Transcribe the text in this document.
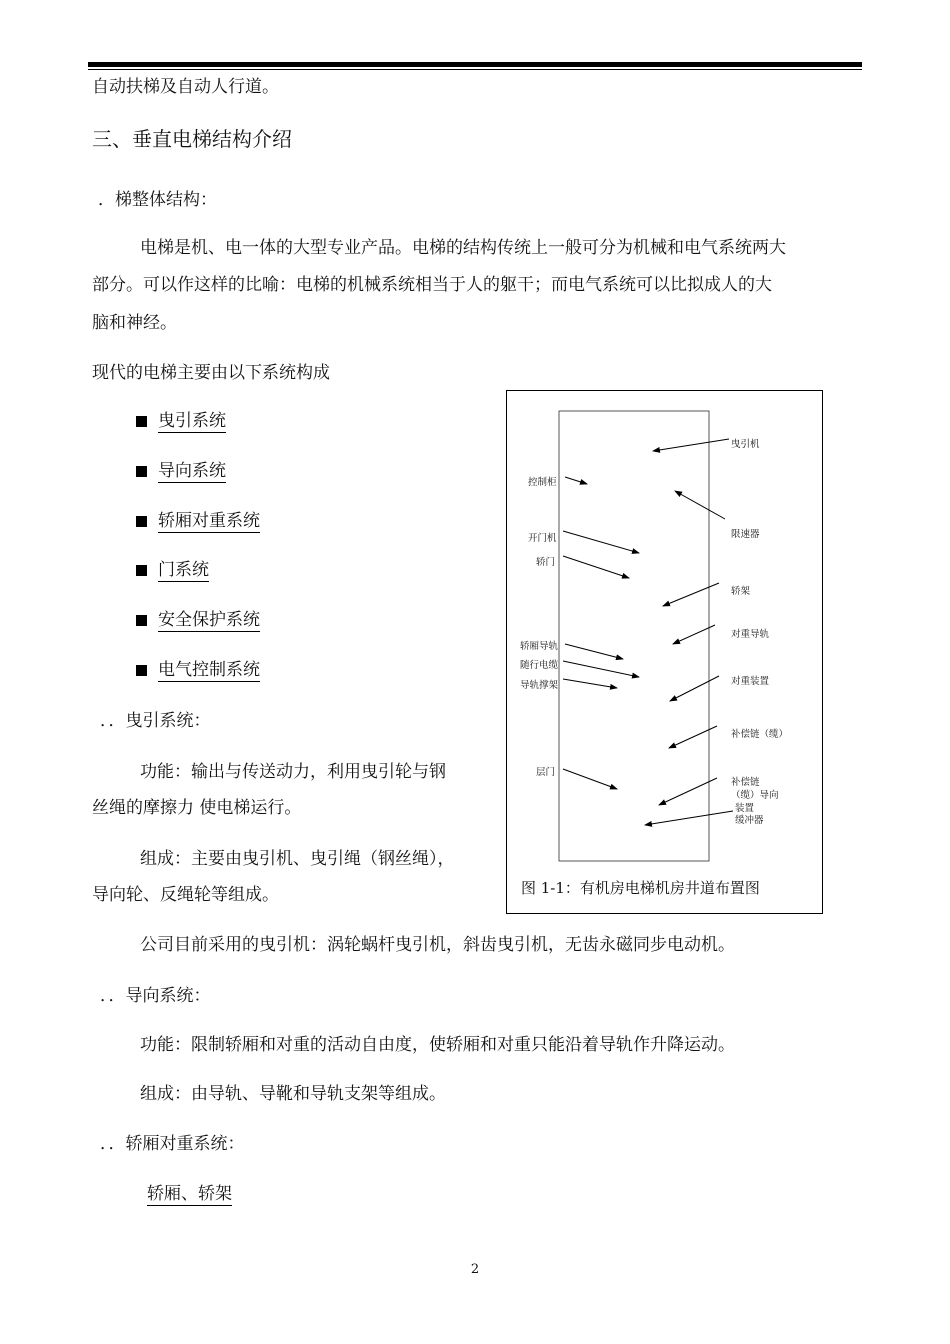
自动扶梯及自动人行道。
三、垂直电梯结构介绍
．梯整体结构：
电梯是机、电一体的大型专业产品。电梯的结构传统上一般可分为机械和电气系统两大
部分。可以作这样的比喻：电梯的机械系统相当于人的躯干；而电气系统可以比拟成人的大
脑和神经。
现代的电梯主要由以下系统构成
曳引系统
导向系统
轿厢对重系统
门系统
安全保护系统
电气控制系统
．．曳引系统：
功能：输出与传送动力，利用曳引轮与钢
丝绳的摩擦力 使电梯运行。
组成：主要由曳引机、曳引绳（钢丝绳），
导向轮、反绳轮等组成。
公司目前采用的曳引机：涡轮蜗杆曳引机，斜齿曳引机，无齿永磁同步电动机。
．．导向系统：
功能：限制轿厢和对重的活动自由度，使轿厢和对重只能沿着导轨作升降运动。
组成：由导轨、导靴和导轨支架等组成。
．．轿厢对重系统：
轿厢、轿架
控制柜
开门机
轿门
轿厢导轨
随行电缆
导轨撑架
层门
曳引机
限速器
轿架
对重导轨
对重装置
补偿链（缆）
补偿链
（缆）导向
装置
缓冲器
图 1-1：有机房电梯机房井道布置图
2
